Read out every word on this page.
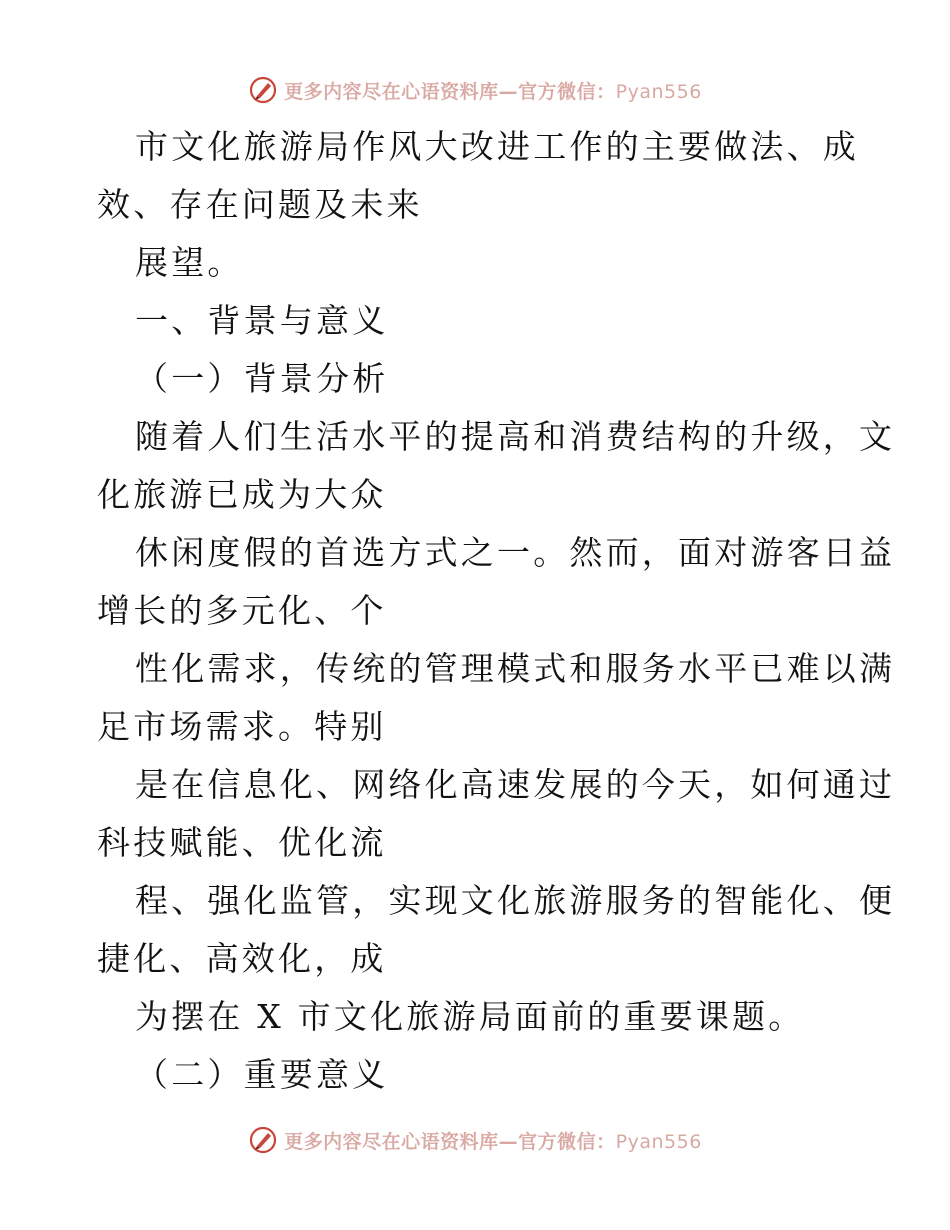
更多内容尽在心语资料库—官方微信：Pyan556
市文化旅游局作风大改进工作的主要做法、成
效、存在问题及未来
展望。
一、背景与意义
（一）背景分析
随着人们生活水平的提高和消费结构的升级，文
化旅游已成为大众
休闲度假的首选方式之一。然而，面对游客日益
增长的多元化、个
性化需求，传统的管理模式和服务水平已难以满
足市场需求。特别
是在信息化、网络化高速发展的今天，如何通过
科技赋能、优化流
程、强化监管，实现文化旅游服务的智能化、便
捷化、高效化，成
为摆在 X 市文化旅游局面前的重要课题。
（二）重要意义
更多内容尽在心语资料库—官方微信：Pyan556
